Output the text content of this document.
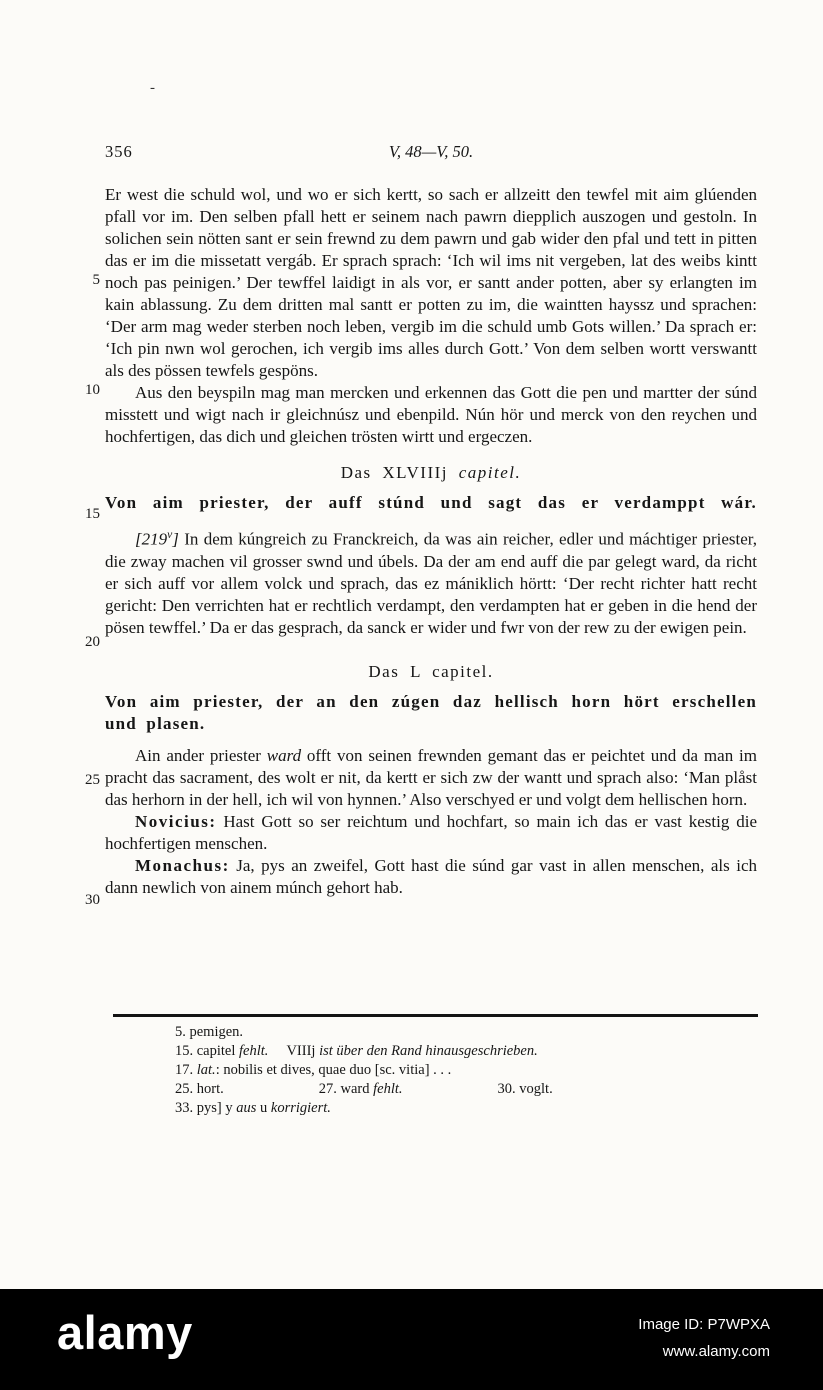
-
356	V, 48—V, 50.
5
10
15
20
25
30

Er west die schuld wol, und wo er sich kertt, so sach er allzeitt den tewfel mit aim glúenden pfall vor im. Den selben pfall hett er seinem nach pawrn diepplich auszogen und gestoln. In solichen sein nötten sant er sein frewnd zu dem pawrn und gab wider den pfal und tett in pitten das er im die missetatt vergáb. Er sprach sprach: ‘Ich wil ims nit vergeben, lat des weibs kintt noch pas peinigen.’ Der tewffel laidigt in als vor, er santt ander potten, aber sy erlangten im kain ablassung. Zu dem dritten mal santt er potten zu im, die waintten hayssz und sprachen: ‘Der arm mag weder sterben noch leben, vergib im die schuld umb Gots willen.’ Da sprach er: ‘Ich pin nwn wol gerochen, ich vergib ims alles durch Gott.’ Von dem selben wortt verswantt als des pössen tewfels gespöns.

Aus den beyspiln mag man mercken und erkennen das Gott die pen und martter der súnd misstett und wigt nach ir gleichnúsz und ebenpild. Nún hör und merck von den reychen und hochfertigen, das dich und gleichen trösten wirtt und ergeczen.

Das XLVIIIj capitel.
Von aim priester, der auff stúnd und sagt das er verdamppt wár.

[219$^v$] In dem kúngreich zu Franckreich, da was ain reicher, edler und máchtiger priester, die zway machen vil grosser swnd und úbels. Da der am end auff die par gelegt ward, da richt er sich auff vor allem volck und sprach, das ez mániklich hörtt: ‘Der recht richter hatt recht gericht: Den verrichten hat er rechtlich verdampt, den verdampten hat er geben in die hend der pösen tewffel.’ Da er das gesprach, da sanck er wider und fwr von der rew zu der ewigen pein.

Das L capitel.
Von aim priester, der an den zúgen daz hellisch horn hört erschellen und plasen.

Ain ander priester ward offt von seinen frewnden gemant das er peichtet und da man im pracht das sacrament, des wolt er nit, da kertt er sich zw der wantt und sprach also: ‘Man plåst das herhorn in der hell, ich wil von hynnen.’ Also verschyed er und volgt dem hellischen horn.

Novicius: Hast Gott so ser reichtum und hochfart, so main ich das er vast kestig die hochfertigen menschen.

Monachus: Ja, pys an zweifel, Gott hast die súnd gar vast in allen menschen, als ich dann newlich von ainem múnch gehort hab.

5. pemigen.
15. capitel fehlt. VIIIj ist über den Rand hinausgeschrieben.
17. lat.: nobilis et dives, quae duo [sc. vitia] . . .
25. hort.	27. ward fehlt.	30. voglt.
33. pys] y aus u korrigiert.
alamy	Image ID: P7WPXA
www.alamy.com
